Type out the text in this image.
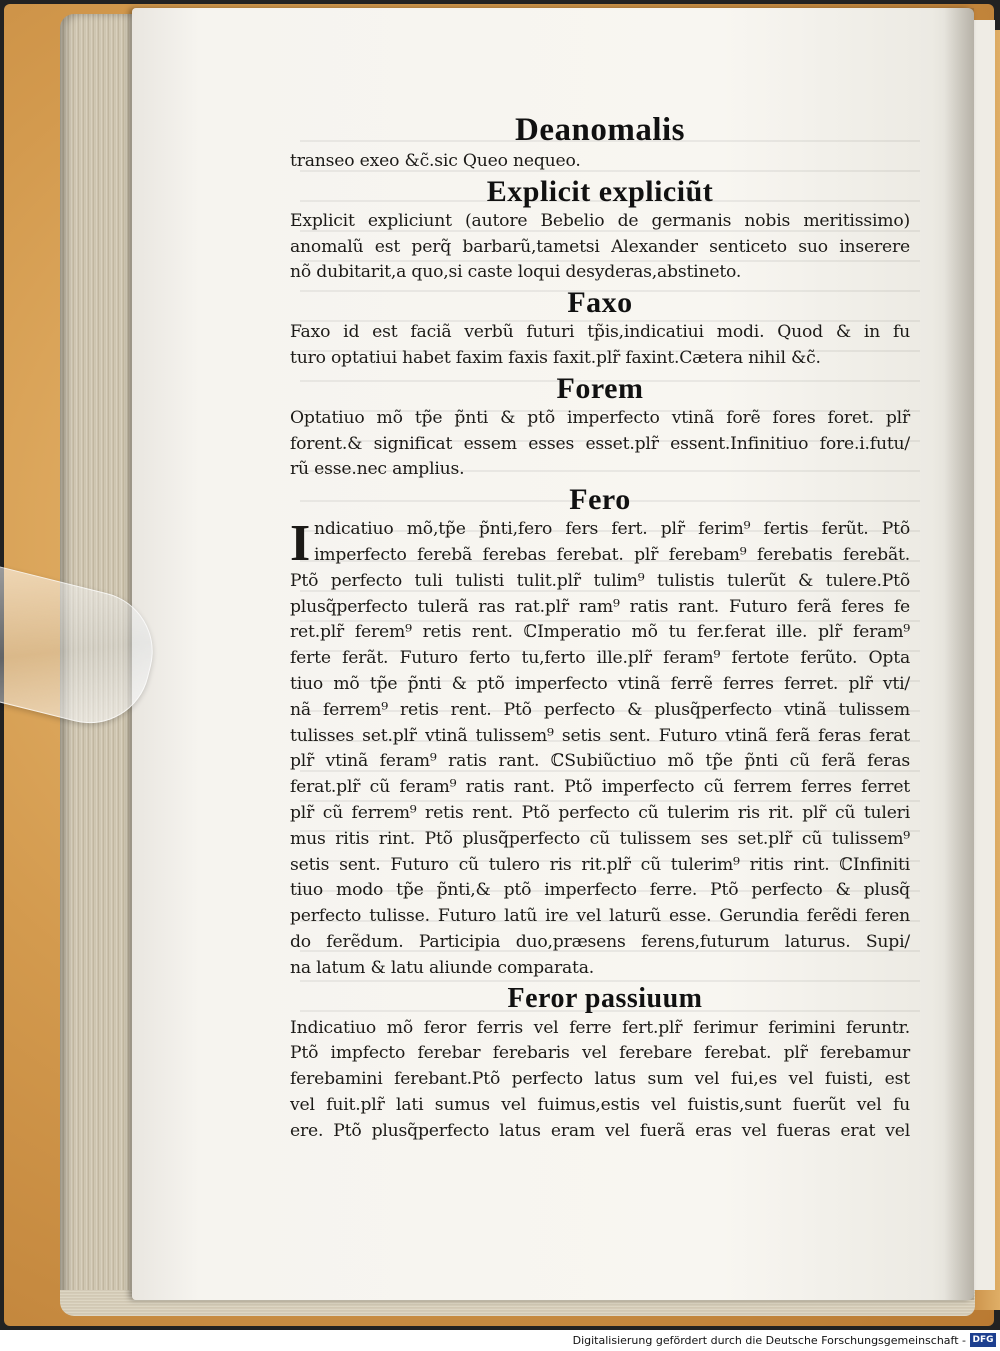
Deanomalis
transeo exeo &c̃.sic Queo nequeo.
Explicit expliciũt
Explicit expliciunt (autore Bebelio de germanis nobis meritissimo)
anomalũ est perq̃ barbarũ,tametsi Alexander senticeto suo inserere
nõ dubitarit,a quo,si caste loqui desyderas,abstineto.
Faxo
Faxo id est faciã verbũ futuri tp̃is,indicatiui modi. Quod & in fu
turo optatiui habet faxim faxis faxit.plr̃ faxint.Cætera nihil &c̃.
Forem
Optatiuo mõ tp̃e p̃nti & ptõ imperfecto vtinã forẽ fores foret. plr̃
forent.& significat essem esses esset.plr̃ essent.Infinitiuo fore.i.futu/
rũ esse.nec amplius.
Fero
I ndicatiuo mõ,tp̃e p̃nti,fero fers fert. plr̃ ferim⁹ fertis ferũt. Ptõ
imperfecto ferebã ferebas ferebat. plr̃ ferebam⁹ ferebatis ferebãt.
Ptõ perfecto tuli tulisti tulit.plr̃ tulim⁹ tulistis tulerũt & tulere.Ptõ
plusq̃perfecto tulerã ras rat.plr̃ ram⁹ ratis rant. Futuro ferã feres fe
ret.plr̃ ferem⁹ retis rent. ℂImperatio mõ tu fer.ferat ille. plr̃ feram⁹
ferte ferãt. Futuro ferto tu,ferto ille.plr̃ feram⁹ fertote ferũto. Opta
tiuo mõ tp̃e p̃nti & ptõ imperfecto vtinã ferrẽ ferres ferret. plr̃ vti/
nã ferrem⁹ retis rent. Ptõ perfecto & plusq̃perfecto vtinã tulissem
tulisses set.plr̃ vtinã tulissem⁹ setis sent. Futuro vtinã ferã feras ferat
plr̃ vtinã feram⁹ ratis rant. ℂSubiũctiuo mõ tp̃e p̃nti cũ ferã feras
ferat.plr̃ cũ feram⁹ ratis rant. Ptõ imperfecto cũ ferrem ferres ferret
plr̃ cũ ferrem⁹ retis rent. Ptõ perfecto cũ tulerim ris rit. plr̃ cũ tuleri
mus ritis rint. Ptõ plusq̃perfecto cũ tulissem ses set.plr̃ cũ tulissem⁹
setis sent. Futuro cũ tulero ris rit.plr̃ cũ tulerim⁹ ritis rint. ℂInfiniti
tiuo modo tp̃e p̃nti,& ptõ imperfecto ferre. Ptõ perfecto & plusq̃
perfecto tulisse. Futuro latũ ire vel laturũ esse. Gerundia ferẽdi feren
do ferẽdum. Participia duo,præsens ferens,futurum laturus. Supi/
na latum & latu aliunde comparata.
Feror passiuum
Indicatiuo mõ feror ferris vel ferre fert.plr̃ ferimur ferimini feruntr.
Ptõ impfecto ferebar ferebaris vel ferebare ferebat. plr̃ ferebamur
ferebamini ferebant.Ptõ perfecto latus sum vel fui,es vel fuisti, est
vel fuit.plr̃ lati sumus vel fuimus,estis vel fuistis,sunt fuerũt vel fu
ere. Ptõ plusq̃perfecto latus eram vel fuerã eras vel fueras erat vel
Digitalisierung gefördert durch die Deutsche Forschungsgemeinschaft - DFG
